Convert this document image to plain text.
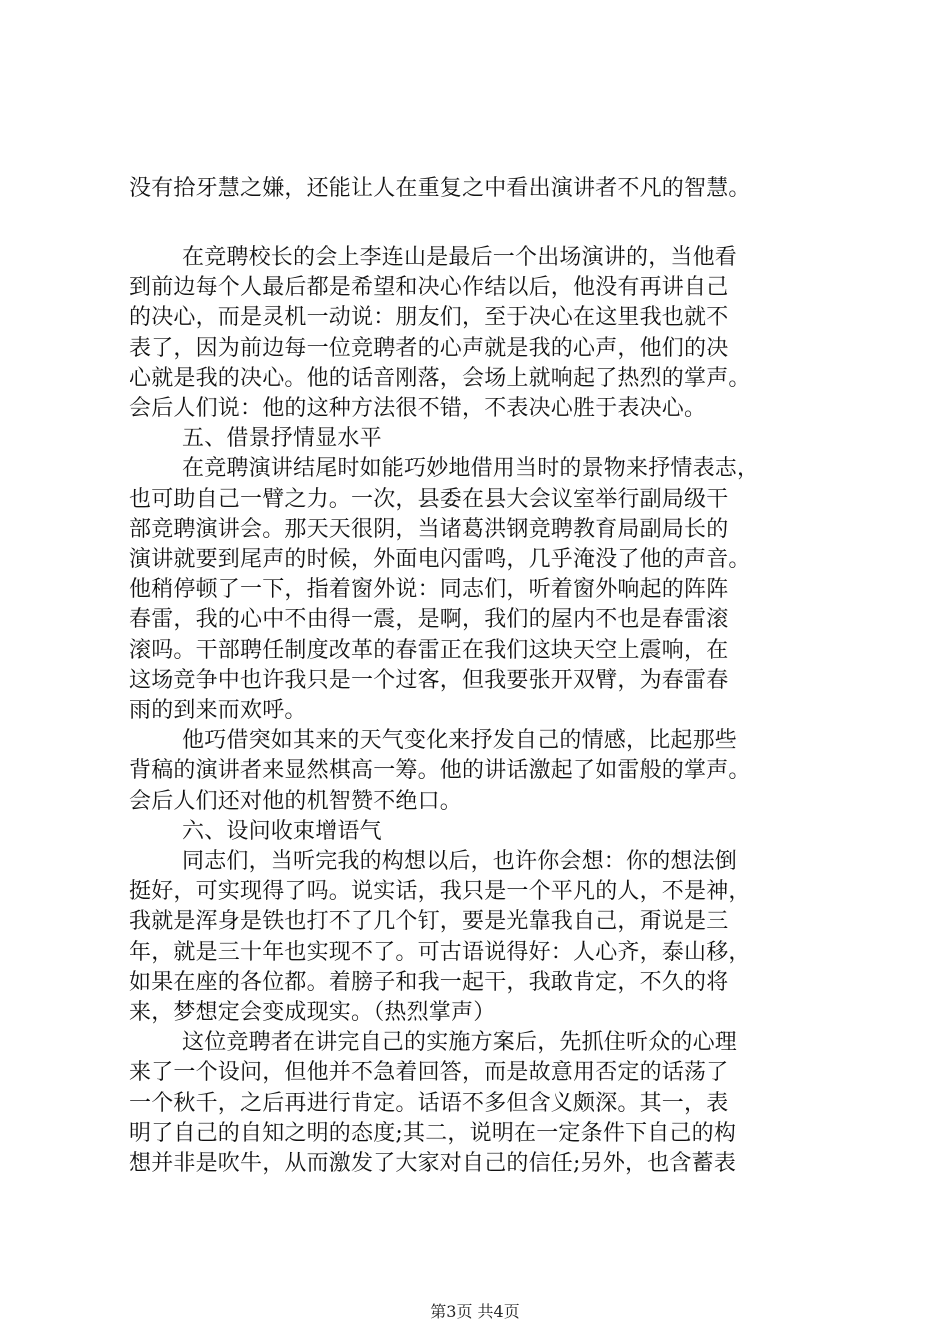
没有拾牙慧之嫌，还能让人在重复之中看出演讲者不凡的智慧。
在竞聘校长的会上李连山是最后一个出场演讲的，当他看
到前边每个人最后都是希望和决心作结以后，他没有再讲自己
的决心，而是灵机一动说：朋友们，至于决心在这里我也就不
表了，因为前边每一位竞聘者的心声就是我的心声，他们的决
心就是我的决心。他的话音刚落，会场上就响起了热烈的掌声。
会后人们说：他的这种方法很不错，不表决心胜于表决心。
五、借景抒情显水平
在竞聘演讲结尾时如能巧妙地借用当时的景物来抒情表志，
也可助自己一臂之力。一次，县委在县大会议室举行副局级干
部竞聘演讲会。那天天很阴，当诸葛洪钢竞聘教育局副局长的
演讲就要到尾声的时候，外面电闪雷鸣，几乎淹没了他的声音。
他稍停顿了一下，指着窗外说：同志们，听着窗外响起的阵阵
春雷，我的心中不由得一震，是啊，我们的屋内不也是春雷滚
滚吗。干部聘任制度改革的春雷正在我们这块天空上震响，在
这场竞争中也许我只是一个过客，但我要张开双臂，为春雷春
雨的到来而欢呼。
他巧借突如其来的天气变化来抒发自己的情感，比起那些
背稿的演讲者来显然棋高一筹。他的讲话激起了如雷般的掌声。
会后人们还对他的机智赞不绝口。
六、设问收束增语气
同志们，当听完我的构想以后，也许你会想：你的想法倒
挺好，可实现得了吗。说实话，我只是一个平凡的人，不是神，
我就是浑身是铁也打不了几个钉，要是光靠我自己，甭说是三
年，就是三十年也实现不了。可古语说得好：人心齐，泰山移，
如果在座的各位都。着膀子和我一起干，我敢肯定，不久的将
来，梦想定会变成现实。（热烈掌声）
这位竞聘者在讲完自己的实施方案后，先抓住听众的心理
来了一个设问，但他并不急着回答，而是故意用否定的话荡了
一个秋千，之后再进行肯定。话语不多但含义颇深。其一，表
明了自己的自知之明的态度;其二，说明在一定条件下自己的构
想并非是吹牛，从而激发了大家对自己的信任;另外，也含蓄表
第3页 共4页
